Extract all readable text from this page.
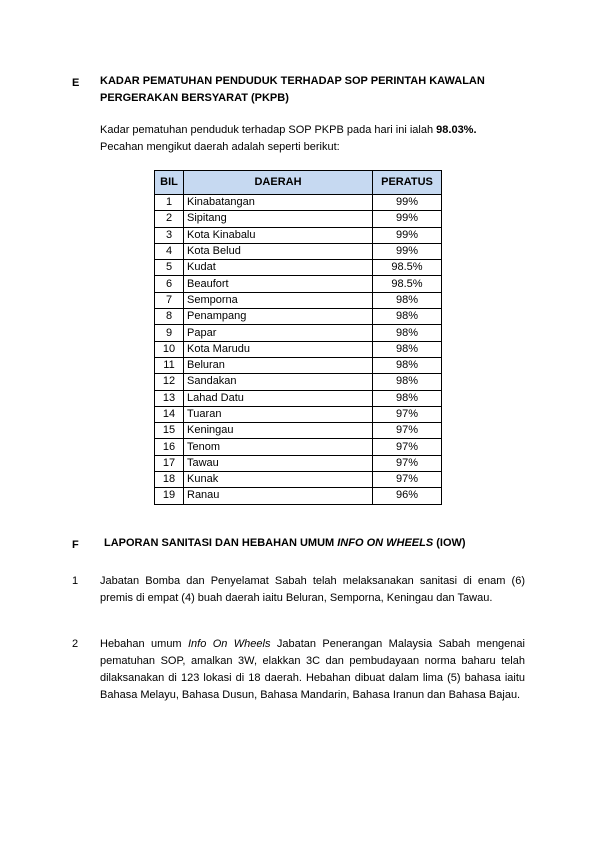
E KADAR PEMATUHAN PENDUDUK TERHADAP SOP PERINTAH KAWALAN
PERGERAKAN BERSYARAT (PKPB)
Kadar pematuhan penduduk terhadap SOP PKPB pada hari ini ialah 98.03%.
Pecahan mengikut daerah adalah seperti berikut:
BIL	DAERAH	PERATUS
1	Kinabatangan	99%
2	Sipitang	99%
3	Kota Kinabalu	99%
4	Kota Belud	99%
5	Kudat	98.5%
6	Beaufort	98.5%
7	Semporna	98%
8	Penampang	98%
9	Papar	98%
10	Kota Marudu	98%
11	Beluran	98%
12	Sandakan	98%
13	Lahad Datu	98%
14	Tuaran	97%
15	Keningau	97%
16	Tenom	97%
17	Tawau	97%
18	Kunak	97%
19	Ranau	96%
F LAPORAN SANITASI DAN HEBAHAN UMUM INFO ON WHEELS (IOW)
1 Jabatan Bomba dan Penyelamat Sabah telah melaksanakan sanitasi di enam (6) premis di empat (4) buah daerah iaitu Beluran, Semporna, Keningau dan Tawau.
2 Hebahan umum Info On Wheels Jabatan Penerangan Malaysia Sabah mengenai pematuhan SOP, amalkan 3W, elakkan 3C dan pembudayaan norma baharu telah dilaksanakan di 123 lokasi di 18 daerah. Hebahan dibuat dalam lima (5) bahasa iaitu Bahasa Melayu, Bahasa Dusun, Bahasa Mandarin, Bahasa Iranun dan Bahasa Bajau.
